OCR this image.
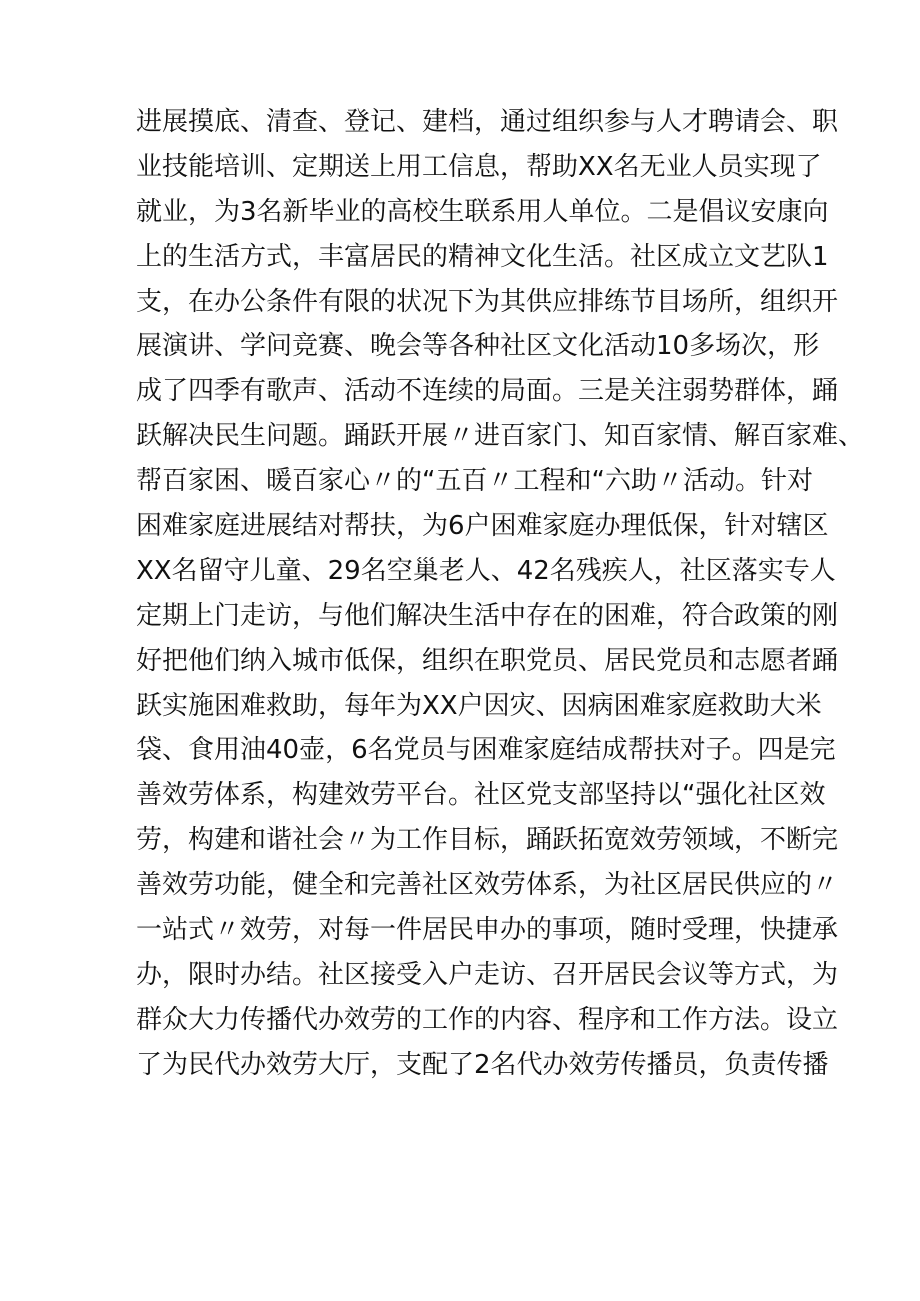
进展摸底、清查、登记、建档，通过组织参与人才聘请会、职
业技能培训、定期送上用工信息，帮助XX名无业人员实现了
就业，为3名新毕业的高校生联系用人单位。二是倡议安康向
上的生活方式，丰富居民的精神文化生活。社区成立文艺队1
支，在办公条件有限的状况下为其供应排练节目场所，组织开
展演讲、学问竞赛、晚会等各种社区文化活动10多场次，形
成了四季有歌声、活动不连续的局面。三是关注弱势群体，踊
跃解决民生问题。踊跃开展〃进百家门、知百家情、解百家难、
帮百家困、暖百家心〃的“五百〃工程和“六助〃活动。针对
困难家庭进展结对帮扶，为6户困难家庭办理低保，针对辖区
XX名留守儿童、29名空巢老人、42名残疾人，社区落实专人
定期上门走访，与他们解决生活中存在的困难，符合政策的刚
好把他们纳入城市低保，组织在职党员、居民党员和志愿者踊
跃实施困难救助，每年为XX户因灾、因病困难家庭救助大米
袋、食用油40壶，6名党员与困难家庭结成帮扶对子。四是完
善效劳体系，构建效劳平台。社区党支部坚持以“强化社区效
劳，构建和谐社会〃为工作目标，踊跃拓宽效劳领域，不断完
善效劳功能，健全和完善社区效劳体系，为社区居民供应的〃
一站式〃效劳，对每一件居民申办的事项，随时受理，快捷承
办，限时办结。社区接受入户走访、召开居民会议等方式，为
群众大力传播代办效劳的工作的内容、程序和工作方法。设立
了为民代办效劳大厅，支配了2名代办效劳传播员，负责传播
